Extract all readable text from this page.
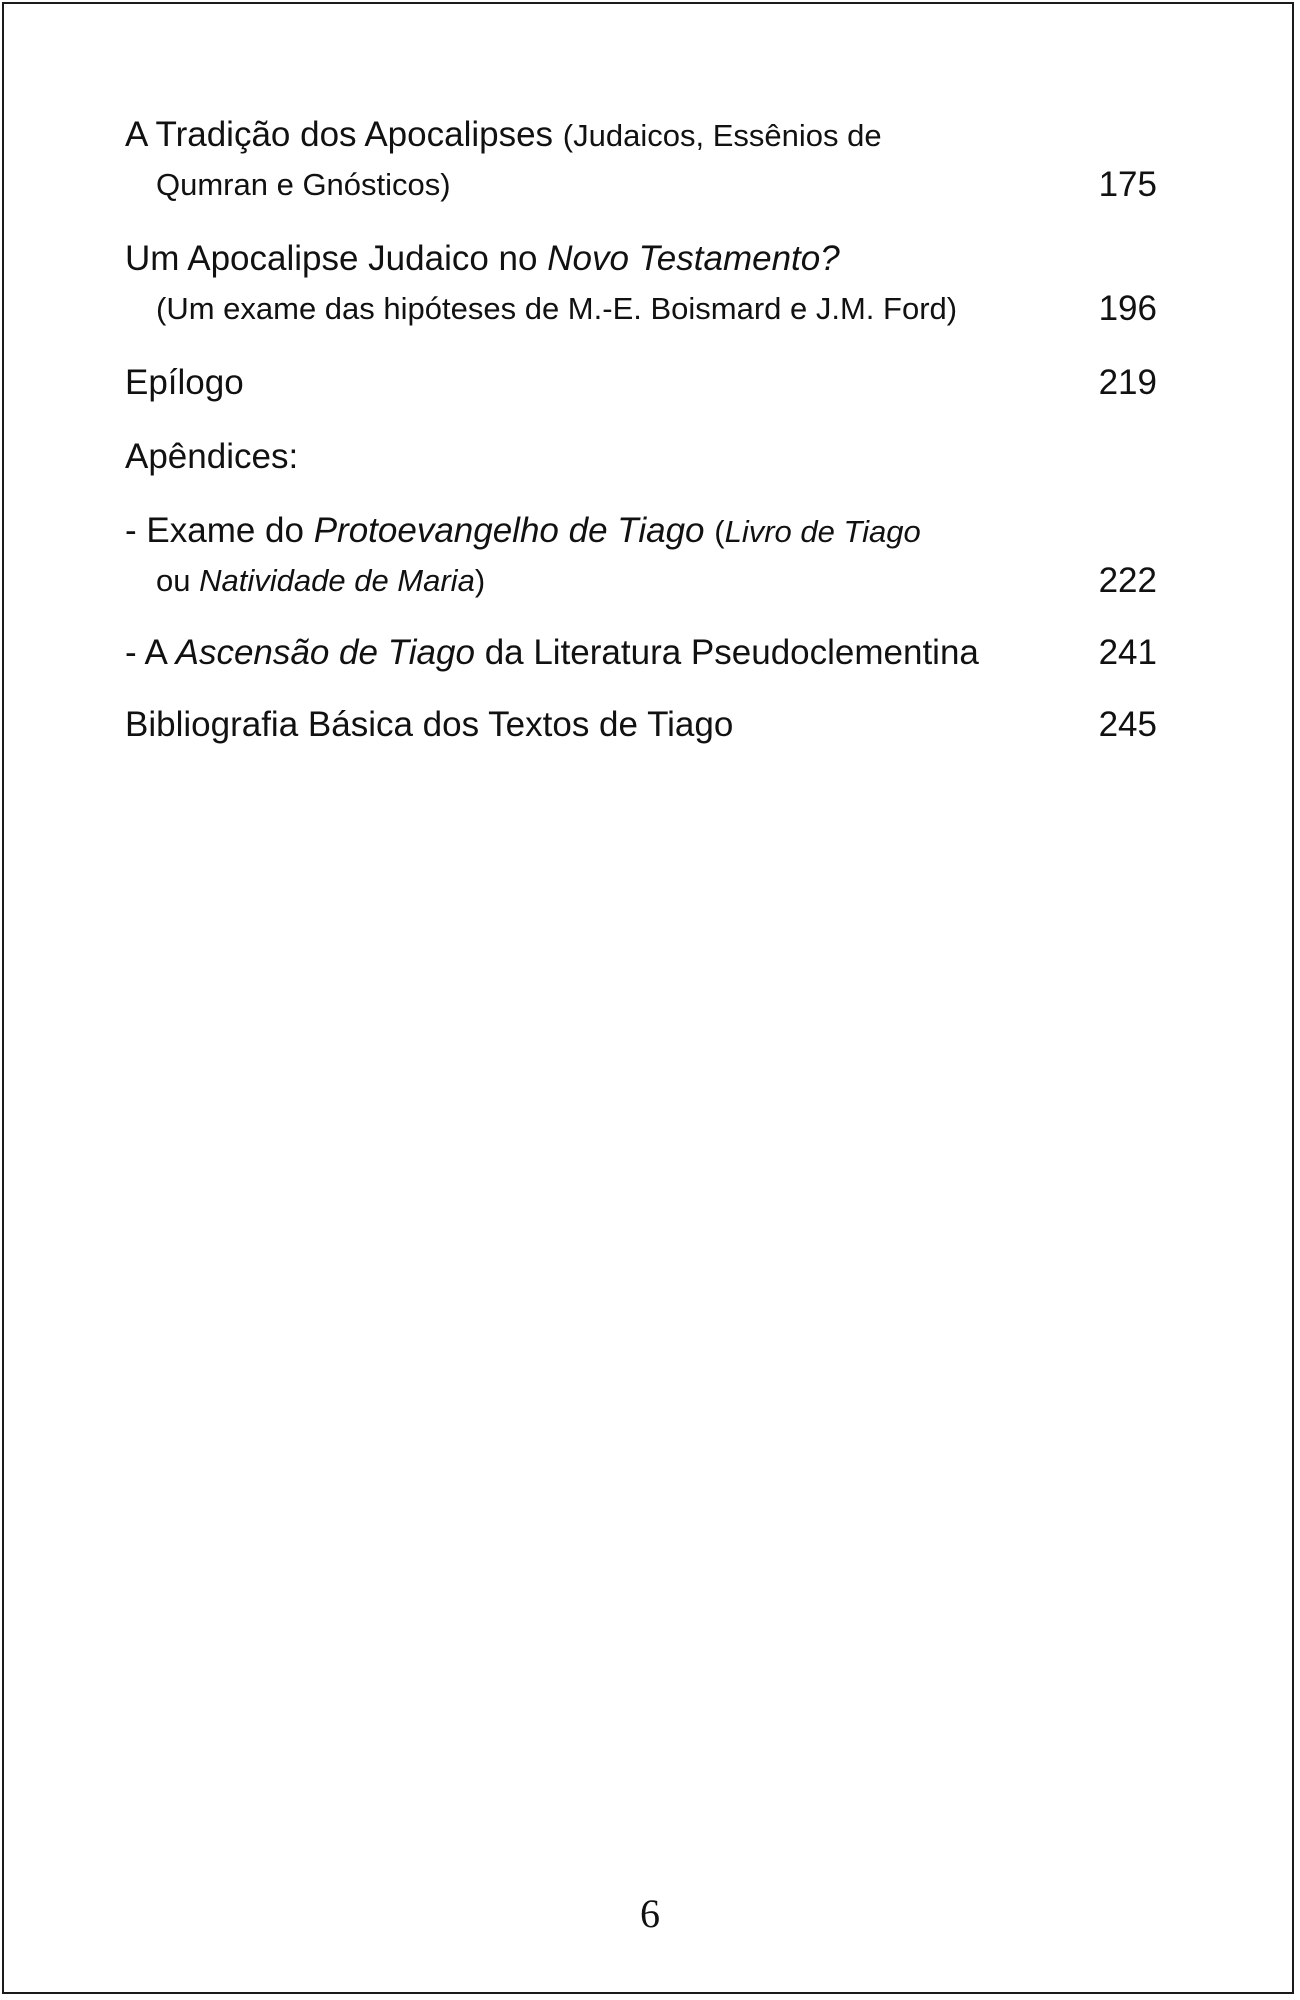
A Tradição dos Apocalipses (Judaicos, Essênios de
Qumran e Gnósticos)	175
Um Apocalipse Judaico no Novo Testamento?
(Um exame das hipóteses de M.-E. Boismard e J.M. Ford)	196
Epílogo	219
Apêndices:
- Exame do Protoevangelho de Tiago (Livro de Tiago
ou Natividade de Maria)	222
- A Ascensão de Tiago da Literatura Pseudoclementina	241
Bibliografia Básica dos Textos de Tiago	245
6
